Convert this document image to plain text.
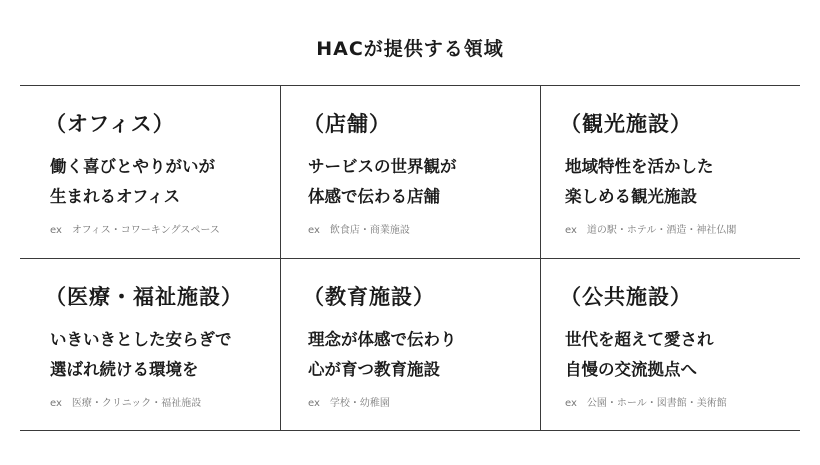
HACが提供する領域
（オフィス）
働く喜びとやりがいが
生まれるオフィス
ex　オフィス・コワーキングスペース
（店舗）
サービスの世界観が
体感で伝わる店舗
ex　飲食店・商業施設
（観光施設）
地域特性を活かした
楽しめる観光施設
ex　道の駅・ホテル・酒造・神社仏閣
（医療・福祉施設）
いきいきとした安らぎで
選ばれ続ける環境を
ex　医療・クリニック・福祉施設
（教育施設）
理念が体感で伝わり
心が育つ教育施設
ex　学校・幼稚園
（公共施設）
世代を超えて愛され
自慢の交流拠点へ
ex　公園・ホール・図書館・美術館
